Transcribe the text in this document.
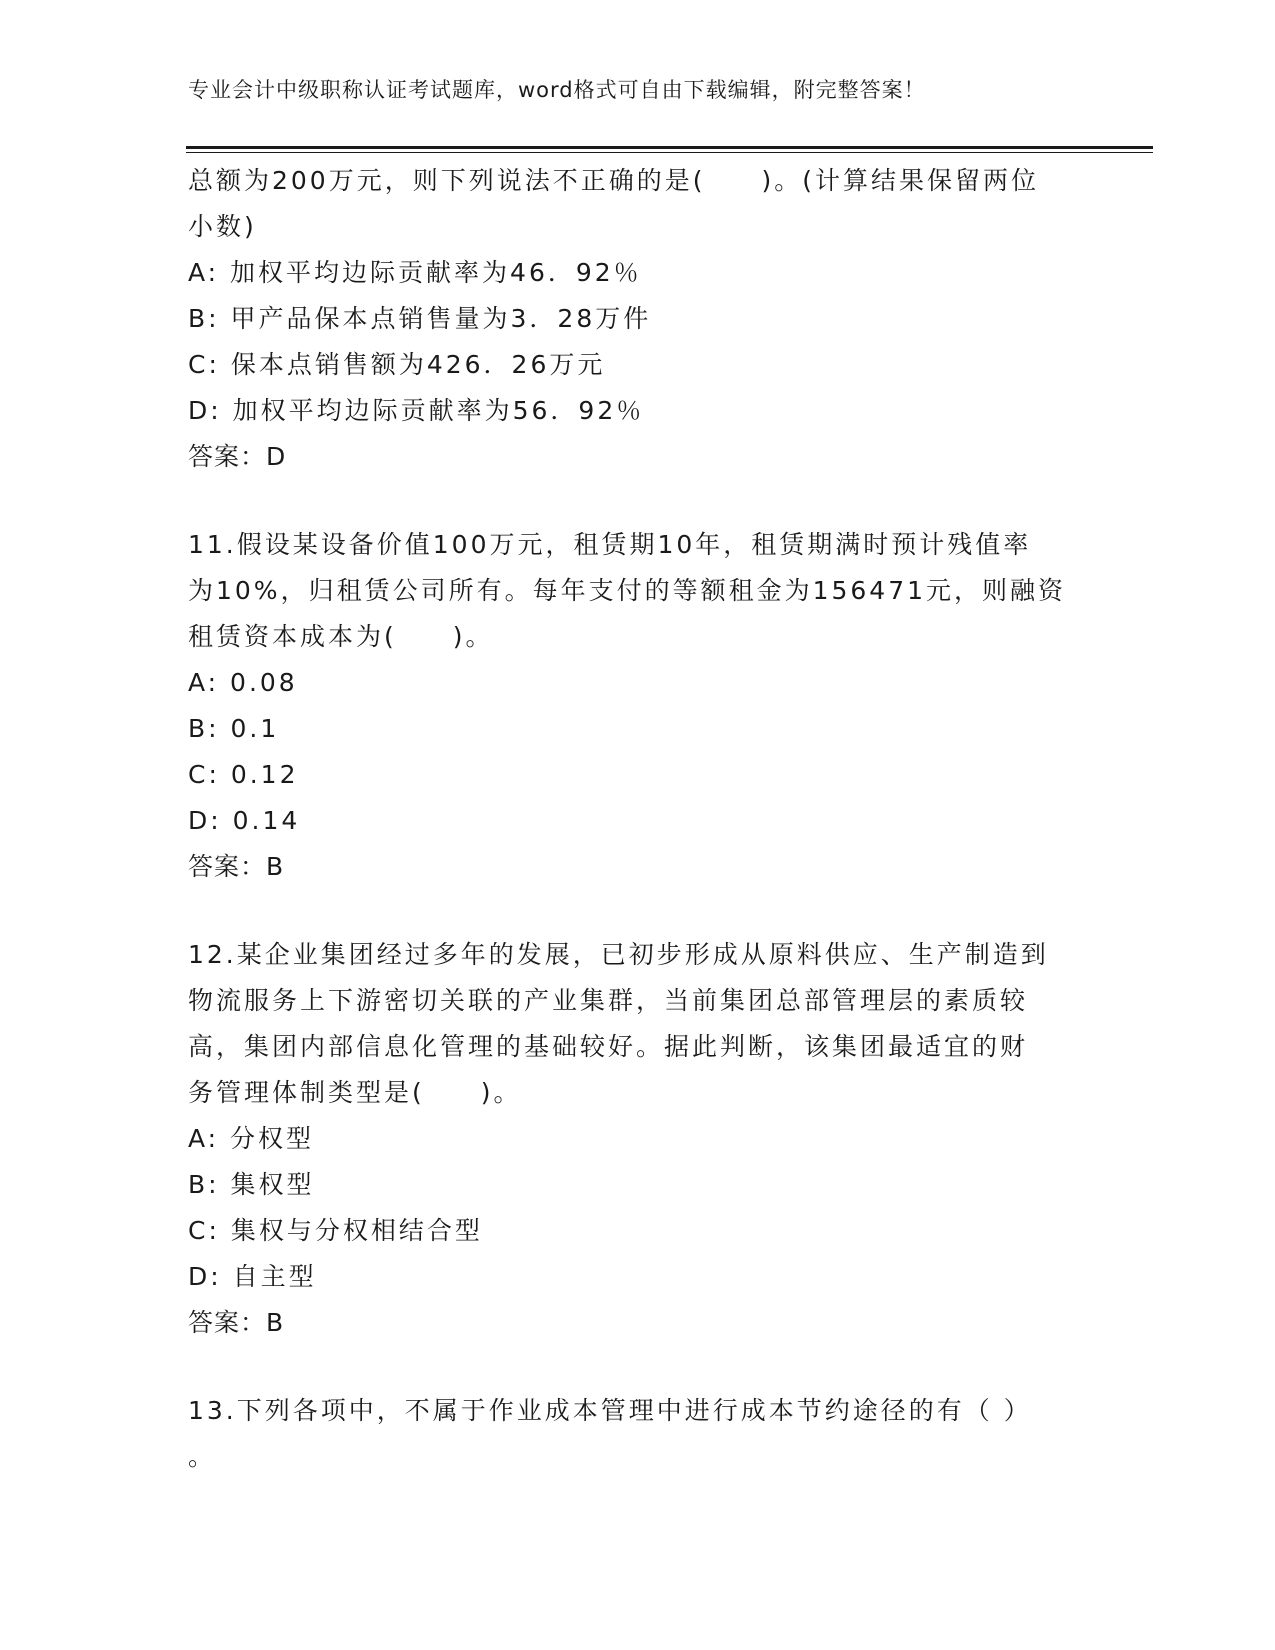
专业会计中级职称认证考试题库，word格式可自由下载编辑，附完整答案！
总额为200万元，则下列说法不正确的是(　　)。(计算结果保留两位
小数)
A: 加权平均边际贡献率为46．92％
B: 甲产品保本点销售量为3．28万件
C: 保本点销售额为426．26万元
D: 加权平均边际贡献率为56．92％
答案：D
11.假设某设备价值100万元，租赁期10年，租赁期满时预计残值率
为10%，归租赁公司所有。每年支付的等额租金为156471元，则融资
租赁资本成本为(　　)。
A: 0.08
B: 0.1
C: 0.12
D: 0.14
答案：B
12.某企业集团经过多年的发展，已初步形成从原料供应、生产制造到
物流服务上下游密切关联的产业集群，当前集团总部管理层的素质较
高，集团内部信息化管理的基础较好。据此判断，该集团最适宜的财
务管理体制类型是(　　)。
A: 分权型
B: 集权型
C: 集权与分权相结合型
D: 自主型
答案：B
13.下列各项中，不属于作业成本管理中进行成本节约途径的有（ ）
。
